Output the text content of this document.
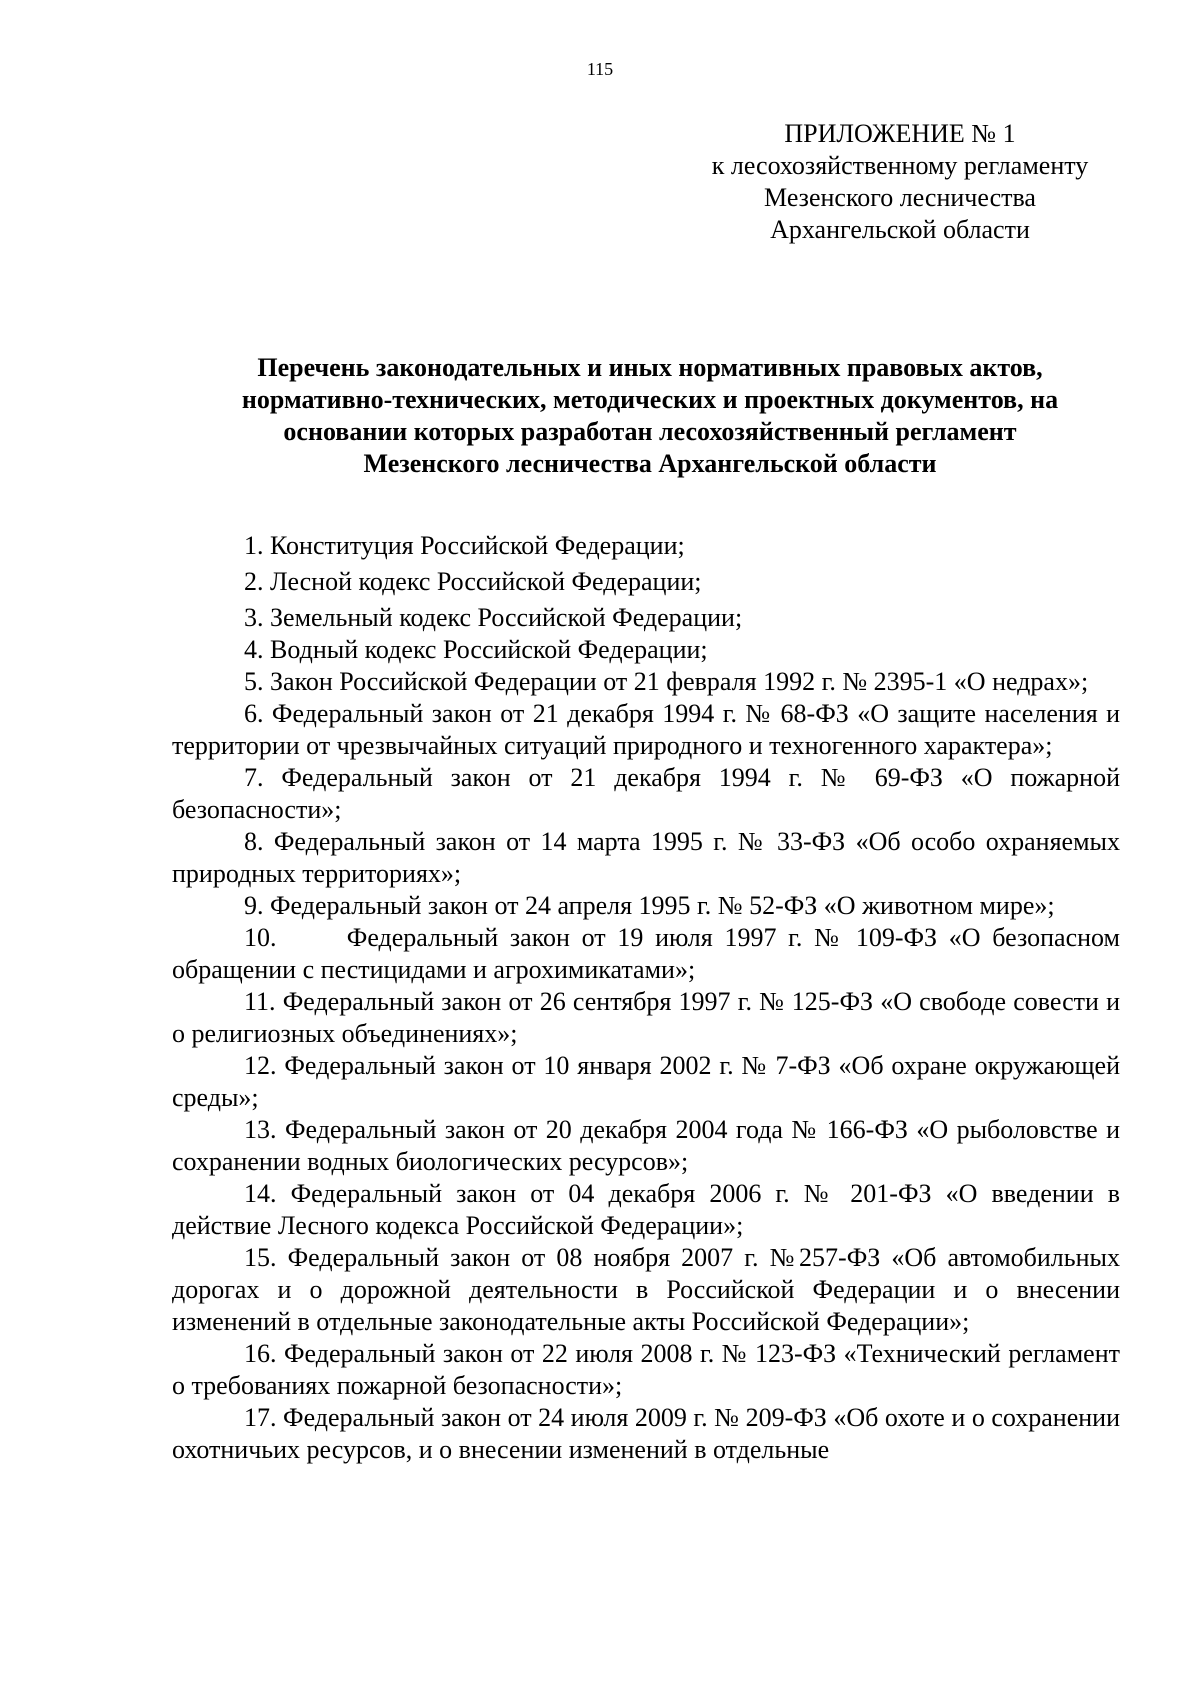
115
ПРИЛОЖЕНИЕ № 1
к лесохозяйственному регламенту
Мезенского лесничества
Архангельской области
Перечень законодательных и иных нормативных правовых актов,
нормативно-технических, методических и проектных документов, на
основании которых разработан лесохозяйственный регламент
Мезенского лесничества Архангельской области
1. Конституция Российской Федерации;
2. Лесной кодекс Российской Федерации;
3. Земельный кодекс Российской Федерации;
4. Водный кодекс Российской Федерации;
5. Закон Российской Федерации от 21 февраля 1992 г. № 2395-1 «О недрах»;
6. Федеральный закон от 21 декабря 1994 г. № 68-ФЗ «О защите населения и территории от чрезвычайных ситуаций природного и техногенного характера»;
7. Федеральный закон от 21 декабря 1994 г. № 69-ФЗ «О пожарной безопасности»;
8. Федеральный закон от 14 марта 1995 г. № 33-ФЗ «Об особо охраняемых природных территориях»;
9. Федеральный закон от 24 апреля 1995 г. № 52-ФЗ «О животном мире»;
10.      Федеральный закон от 19 июля 1997 г. № 109-ФЗ «О безопасном обращении с пестицидами и агрохимикатами»;
11. Федеральный закон от 26 сентября 1997 г. № 125-ФЗ «О свободе совести и о религиозных объединениях»;
12. Федеральный закон от 10 января 2002 г. № 7-ФЗ «Об охране окружающей среды»;
13. Федеральный закон от 20 декабря 2004 года № 166-ФЗ «О рыболовстве и сохранении водных биологических ресурсов»;
14. Федеральный закон от 04 декабря 2006 г. № 201-ФЗ «О введении в действие Лесного кодекса Российской Федерации»;
15. Федеральный закон от 08 ноября 2007 г. №257-ФЗ «Об автомобильных дорогах и о дорожной деятельности в Российской Федерации и о внесении изменений в отдельные законодательные акты Российской Федерации»;
16. Федеральный закон от 22 июля 2008 г. № 123-ФЗ «Технический регламент о требованиях пожарной безопасности»;
17. Федеральный закон от 24 июля 2009 г. № 209-ФЗ «Об охоте и о сохранении охотничьих ресурсов, и о внесении изменений в отдельные
